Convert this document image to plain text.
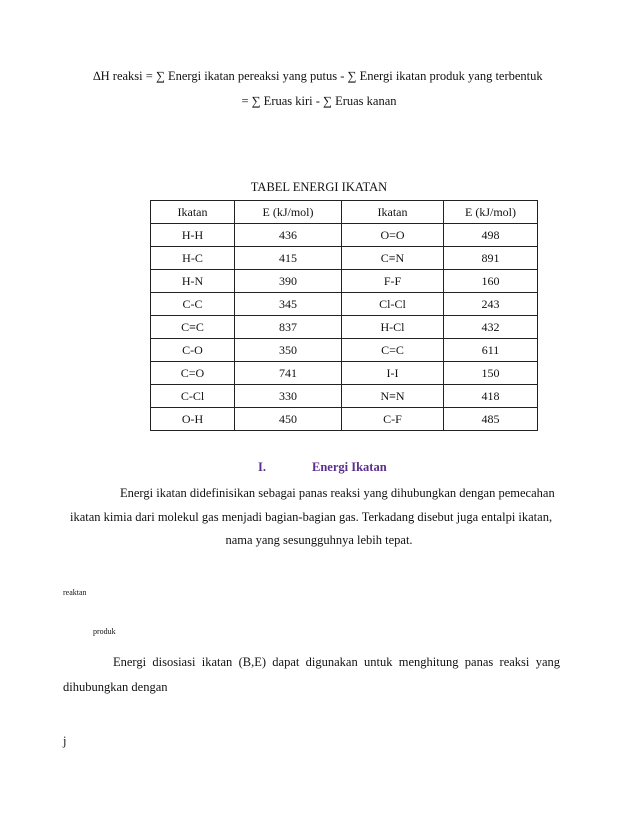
∆H reaksi = ∑ Energi ikatan pereaksi yang putus - ∑ Energi ikatan produk yang terbentuk
= ∑ Eruas kiri - ∑ Eruas kanan
TABEL ENERGI IKATAN
Ikatan	E (kJ/mol)	Ikatan	E (kJ/mol)
H-H	436	O=O	498
H-C	415	C≡N	891
H-N	390	F-F	160
C-C	345	Cl-Cl	243
C≡C	837	H-Cl	432
C-O	350	C=C	611
C=O	741	I-I	150
C-Cl	330	N≡N	418
O-H	450	C-F	485
I.	Energi Ikatan
Energi ikatan didefinisikan sebagai panas reaksi yang dihubungkan dengan pemecahan
ikatan kimia dari molekul gas menjadi bagian-bagian gas. Terkadang disebut juga entalpi ikatan,
nama yang sesungguhnya lebih tepat.
reaktan
produk
Energi disosiasi ikatan (B,E) dapat digunakan untuk menghitung panas reaksi yang
dihubungkan dengan
j
